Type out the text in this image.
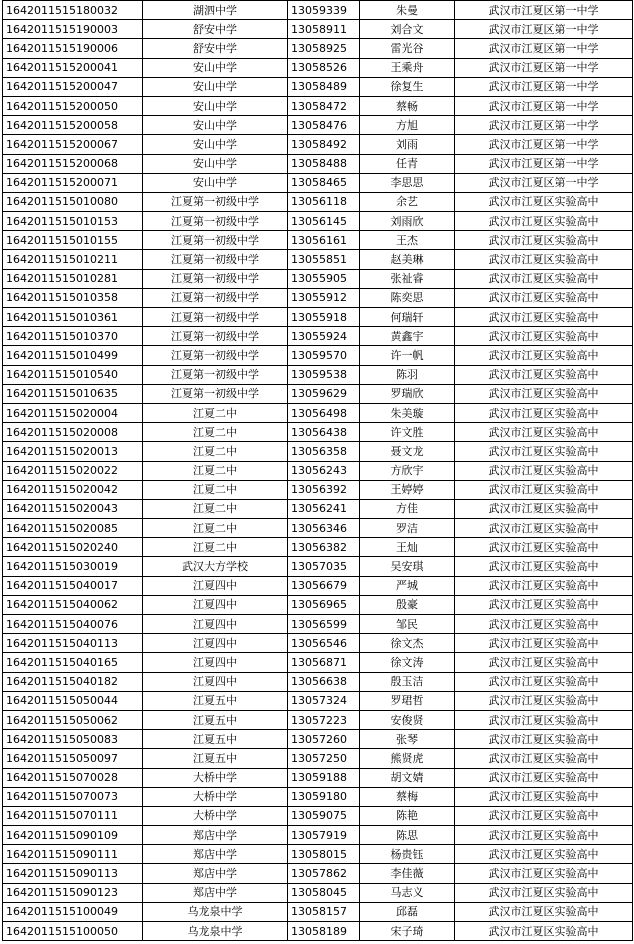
1642011515180032	湖泗中学	13059339	朱曼	武汉市江夏区第一中学
1642011515190003	舒安中学	13058911	刘合文	武汉市江夏区第一中学
1642011515190006	舒安中学	13058925	雷光谷	武汉市江夏区第一中学
1642011515200041	安山中学	13058526	王乘舟	武汉市江夏区第一中学
1642011515200047	安山中学	13058489	徐复生	武汉市江夏区第一中学
1642011515200050	安山中学	13058472	蔡畅	武汉市江夏区第一中学
1642011515200058	安山中学	13058476	方旭	武汉市江夏区第一中学
1642011515200067	安山中学	13058492	刘雨	武汉市江夏区第一中学
1642011515200068	安山中学	13058488	任青	武汉市江夏区第一中学
1642011515200071	安山中学	13058465	李思思	武汉市江夏区第一中学
1642011515010080	江夏第一初级中学	13056118	余艺	武汉市江夏区实验高中
1642011515010153	江夏第一初级中学	13056145	刘雨欣	武汉市江夏区实验高中
1642011515010155	江夏第一初级中学	13056161	王杰	武汉市江夏区实验高中
1642011515010211	江夏第一初级中学	13055851	赵美琳	武汉市江夏区实验高中
1642011515010281	江夏第一初级中学	13055905	张祉睿	武汉市江夏区实验高中
1642011515010358	江夏第一初级中学	13055912	陈奕思	武汉市江夏区实验高中
1642011515010361	江夏第一初级中学	13055918	何瑞轩	武汉市江夏区实验高中
1642011515010370	江夏第一初级中学	13055924	黄鑫宇	武汉市江夏区实验高中
1642011515010499	江夏第一初级中学	13059570	许一帆	武汉市江夏区实验高中
1642011515010540	江夏第一初级中学	13059538	陈羽	武汉市江夏区实验高中
1642011515010635	江夏第一初级中学	13059629	罗瑞欣	武汉市江夏区实验高中
1642011515020004	江夏二中	13056498	朱美璇	武汉市江夏区实验高中
1642011515020008	江夏二中	13056438	许文胜	武汉市江夏区实验高中
1642011515020013	江夏二中	13056358	聂文龙	武汉市江夏区实验高中
1642011515020022	江夏二中	13056243	方欣宇	武汉市江夏区实验高中
1642011515020042	江夏二中	13056392	王婷婷	武汉市江夏区实验高中
1642011515020043	江夏二中	13056241	方佳	武汉市江夏区实验高中
1642011515020085	江夏二中	13056346	罗洁	武汉市江夏区实验高中
1642011515020240	江夏二中	13056382	王灿	武汉市江夏区实验高中
1642011515030019	武汉大方学校	13057035	吴安琪	武汉市江夏区实验高中
1642011515040017	江夏四中	13056679	严城	武汉市江夏区实验高中
1642011515040062	江夏四中	13056965	殷豪	武汉市江夏区实验高中
1642011515040076	江夏四中	13056599	邹民	武汉市江夏区实验高中
1642011515040113	江夏四中	13056546	徐文杰	武汉市江夏区实验高中
1642011515040165	江夏四中	13056871	徐文涛	武汉市江夏区实验高中
1642011515040182	江夏四中	13056638	殷玉洁	武汉市江夏区实验高中
1642011515050044	江夏五中	13057324	罗珺哲	武汉市江夏区实验高中
1642011515050062	江夏五中	13057223	安俊贤	武汉市江夏区实验高中
1642011515050083	江夏五中	13057260	张琴	武汉市江夏区实验高中
1642011515050097	江夏五中	13057250	熊贤虎	武汉市江夏区实验高中
1642011515070028	大桥中学	13059188	胡文婧	武汉市江夏区实验高中
1642011515070073	大桥中学	13059180	蔡梅	武汉市江夏区实验高中
1642011515070111	大桥中学	13059075	陈艳	武汉市江夏区实验高中
1642011515090109	郑店中学	13057919	陈思	武汉市江夏区实验高中
1642011515090111	郑店中学	13058015	杨贵钰	武汉市江夏区实验高中
1642011515090113	郑店中学	13057862	李佳薇	武汉市江夏区实验高中
1642011515090123	郑店中学	13058045	马志义	武汉市江夏区实验高中
1642011515100049	乌龙泉中学	13058157	邱磊	武汉市江夏区实验高中
1642011515100050	乌龙泉中学	13058189	宋子琦	武汉市江夏区实验高中
